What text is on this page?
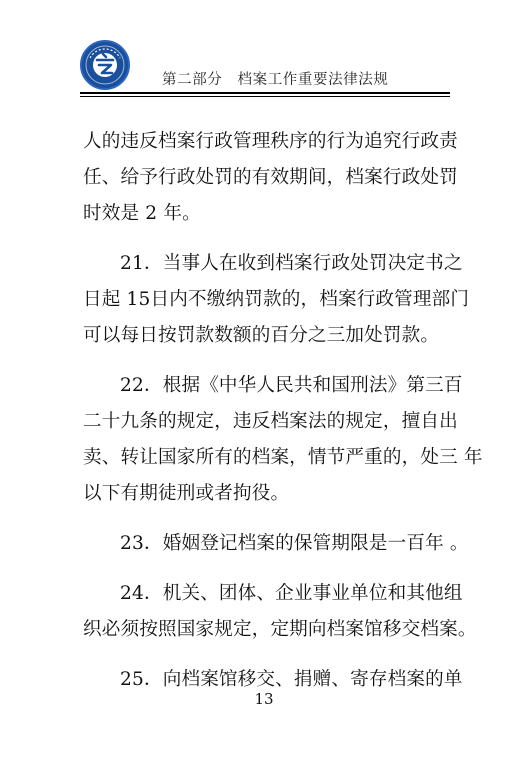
第二部分　档案工作重要法律法规
人的违反档案行政管理秩序的行为追究行政责
任、给予行政处罚的有效期间，档案行政处罚
时效是 2 年。
21．当事人在收到档案行政处罚决定书之
日起 15日内不缴纳罚款的，档案行政管理部门
可以每日按罚款数额的百分之三加处罚款。
22．根据《中华人民共和国刑法》第三百
二十九条的规定，违反档案法的规定，擅自出
卖、转让国家所有的档案，情节严重的，处三 年
以下有期徒刑或者拘役。
23．婚姻登记档案的保管期限是一百年 。
24．机关、团体、企业事业单位和其他组
织必须按照国家规定，定期向档案馆移交档案。
25．向档案馆移交、捐赠、寄存档案的单
13
